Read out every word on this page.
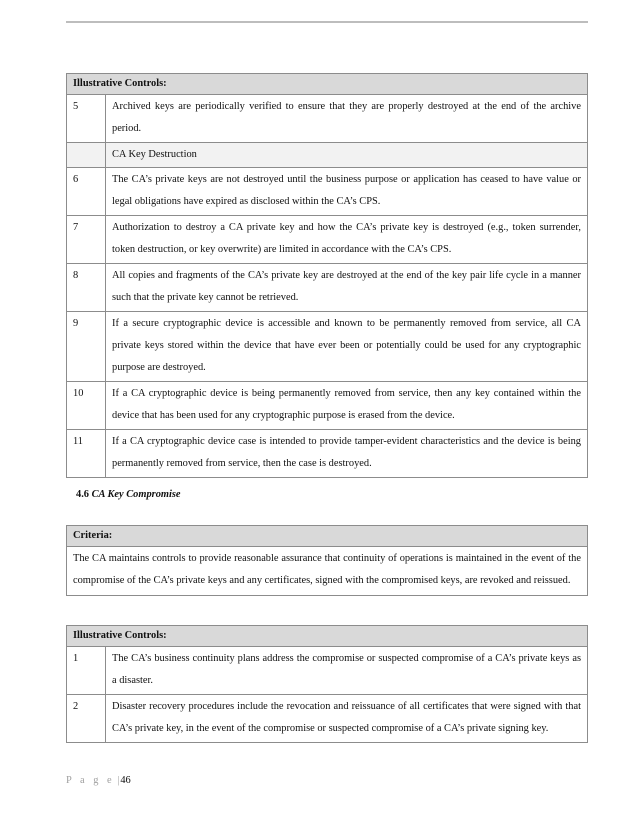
Illustrative Controls:	
5	Archived keys are periodically verified to ensure that they are properly destroyed at the end of the archive period.
	CA Key Destruction
6	The CA’s private keys are not destroyed until the business purpose or application has ceased to have value or legal obligations have expired as disclosed within the CA’s CPS.
7	Authorization to destroy a CA private key and how the CA’s private key is destroyed (e.g., token surrender, token destruction, or key overwrite) are limited in accordance with the CA’s CPS.
8	All copies and fragments of the CA’s private key are destroyed at the end of the key pair life cycle in a manner such that the private key cannot be retrieved.
9	If a secure cryptographic device is accessible and known to be permanently removed from service, all CA private keys stored within the device that have ever been or potentially could be used for any cryptographic purpose are destroyed.
10	If a CA cryptographic device is being permanently removed from service, then any key contained within the device that has been used for any cryptographic purpose is erased from the device.
11	If a CA cryptographic device case is intended to provide tamper-evident characteristics and the device is being permanently removed from service, then the case is destroyed.
4.6 CA Key Compromise
Criteria:
The CA maintains controls to provide reasonable assurance that continuity of operations is maintained in the event of the compromise of the CA’s private keys and any certificates, signed with the compromised keys, are revoked and reissued.
Illustrative Controls:	
1	The CA’s business continuity plans address the compromise or suspected compromise of a CA’s private keys as a disaster.
2	Disaster recovery procedures include the revocation and reissuance of all certificates that were signed with that CA’s private key, in the event of the compromise or suspected compromise of a CA’s private signing key.
P a g e |46
